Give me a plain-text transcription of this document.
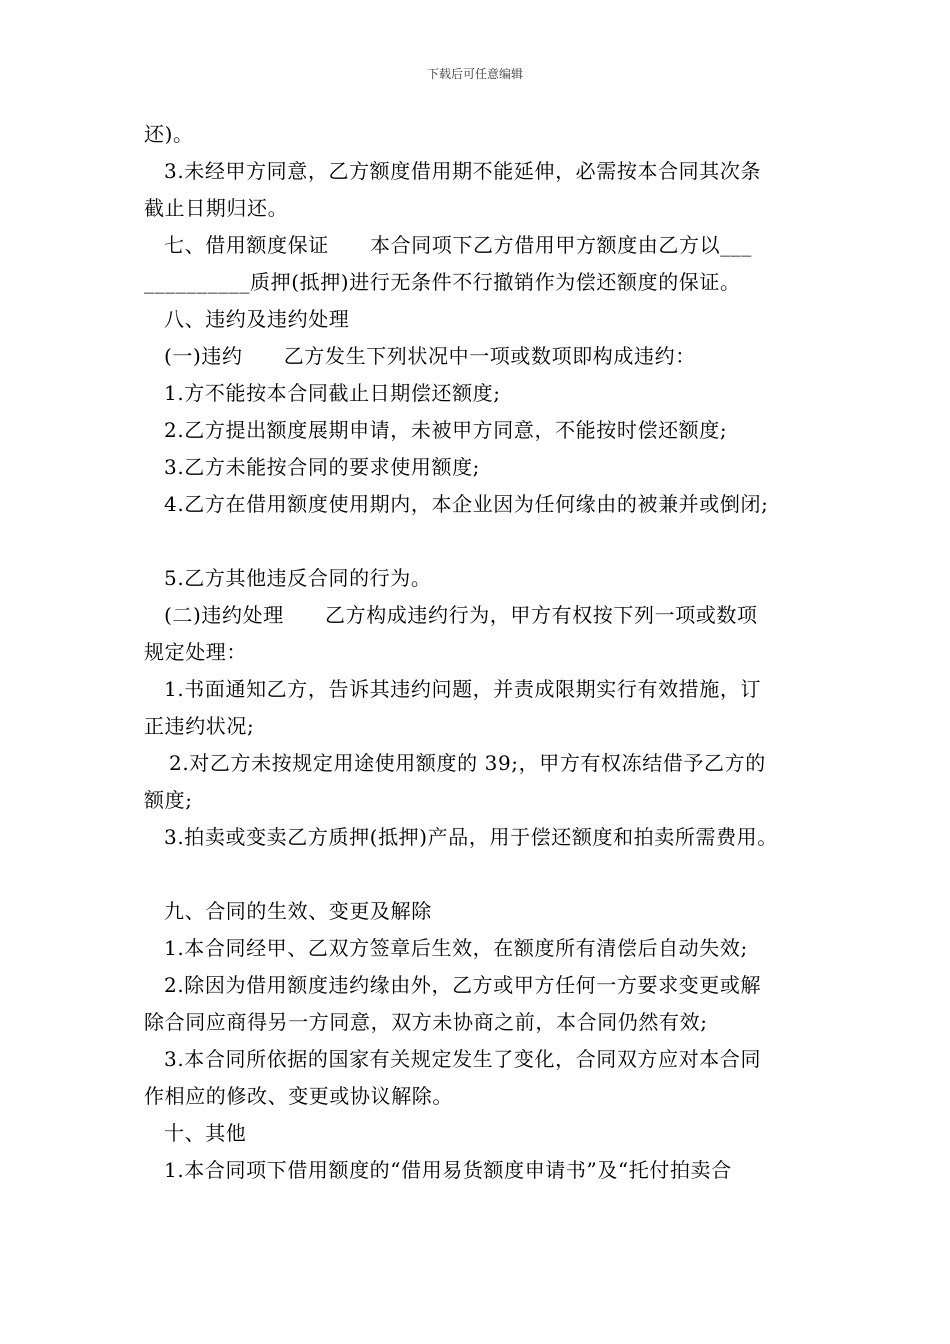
下载后可任意编辑
还)。
3.未经甲方同意，乙方额度借用期不能延伸，必需按本合同其次条
截止日期归还。
七、借用额度保证　　本合同项下乙方借用甲方额度由乙方以___
__________质押(抵押)进行无条件不行撤销作为偿还额度的保证。
八、违约及违约处理
(一)违约　　乙方发生下列状况中一项或数项即构成违约：
1.方不能按本合同截止日期偿还额度;
2.乙方提出额度展期申请，未被甲方同意，不能按时偿还额度;
3.乙方未能按合同的要求使用额度;
4.乙方在借用额度使用期内，本企业因为任何缘由的被兼并或倒闭;
5.乙方其他违反合同的行为。
(二)违约处理　　乙方构成违约行为，甲方有权按下列一项或数项
规定处理：
1.书面通知乙方，告诉其违约问题，并责成限期实行有效措施，订
正违约状况;
2.对乙方未按规定用途使用额度的 39;，甲方有权冻结借予乙方的
额度;
3.拍卖或变卖乙方质押(抵押)产品，用于偿还额度和拍卖所需费用。
九、合同的生效、变更及解除
1.本合同经甲、乙双方签章后生效，在额度所有清偿后自动失效;
2.除因为借用额度违约缘由外，乙方或甲方任何一方要求变更或解
除合同应商得另一方同意，双方未协商之前，本合同仍然有效;
3.本合同所依据的国家有关规定发生了变化，合同双方应对本合同
作相应的修改、变更或协议解除。
十、其他
1.本合同项下借用额度的“借用易货额度申请书”及“托付拍卖合
